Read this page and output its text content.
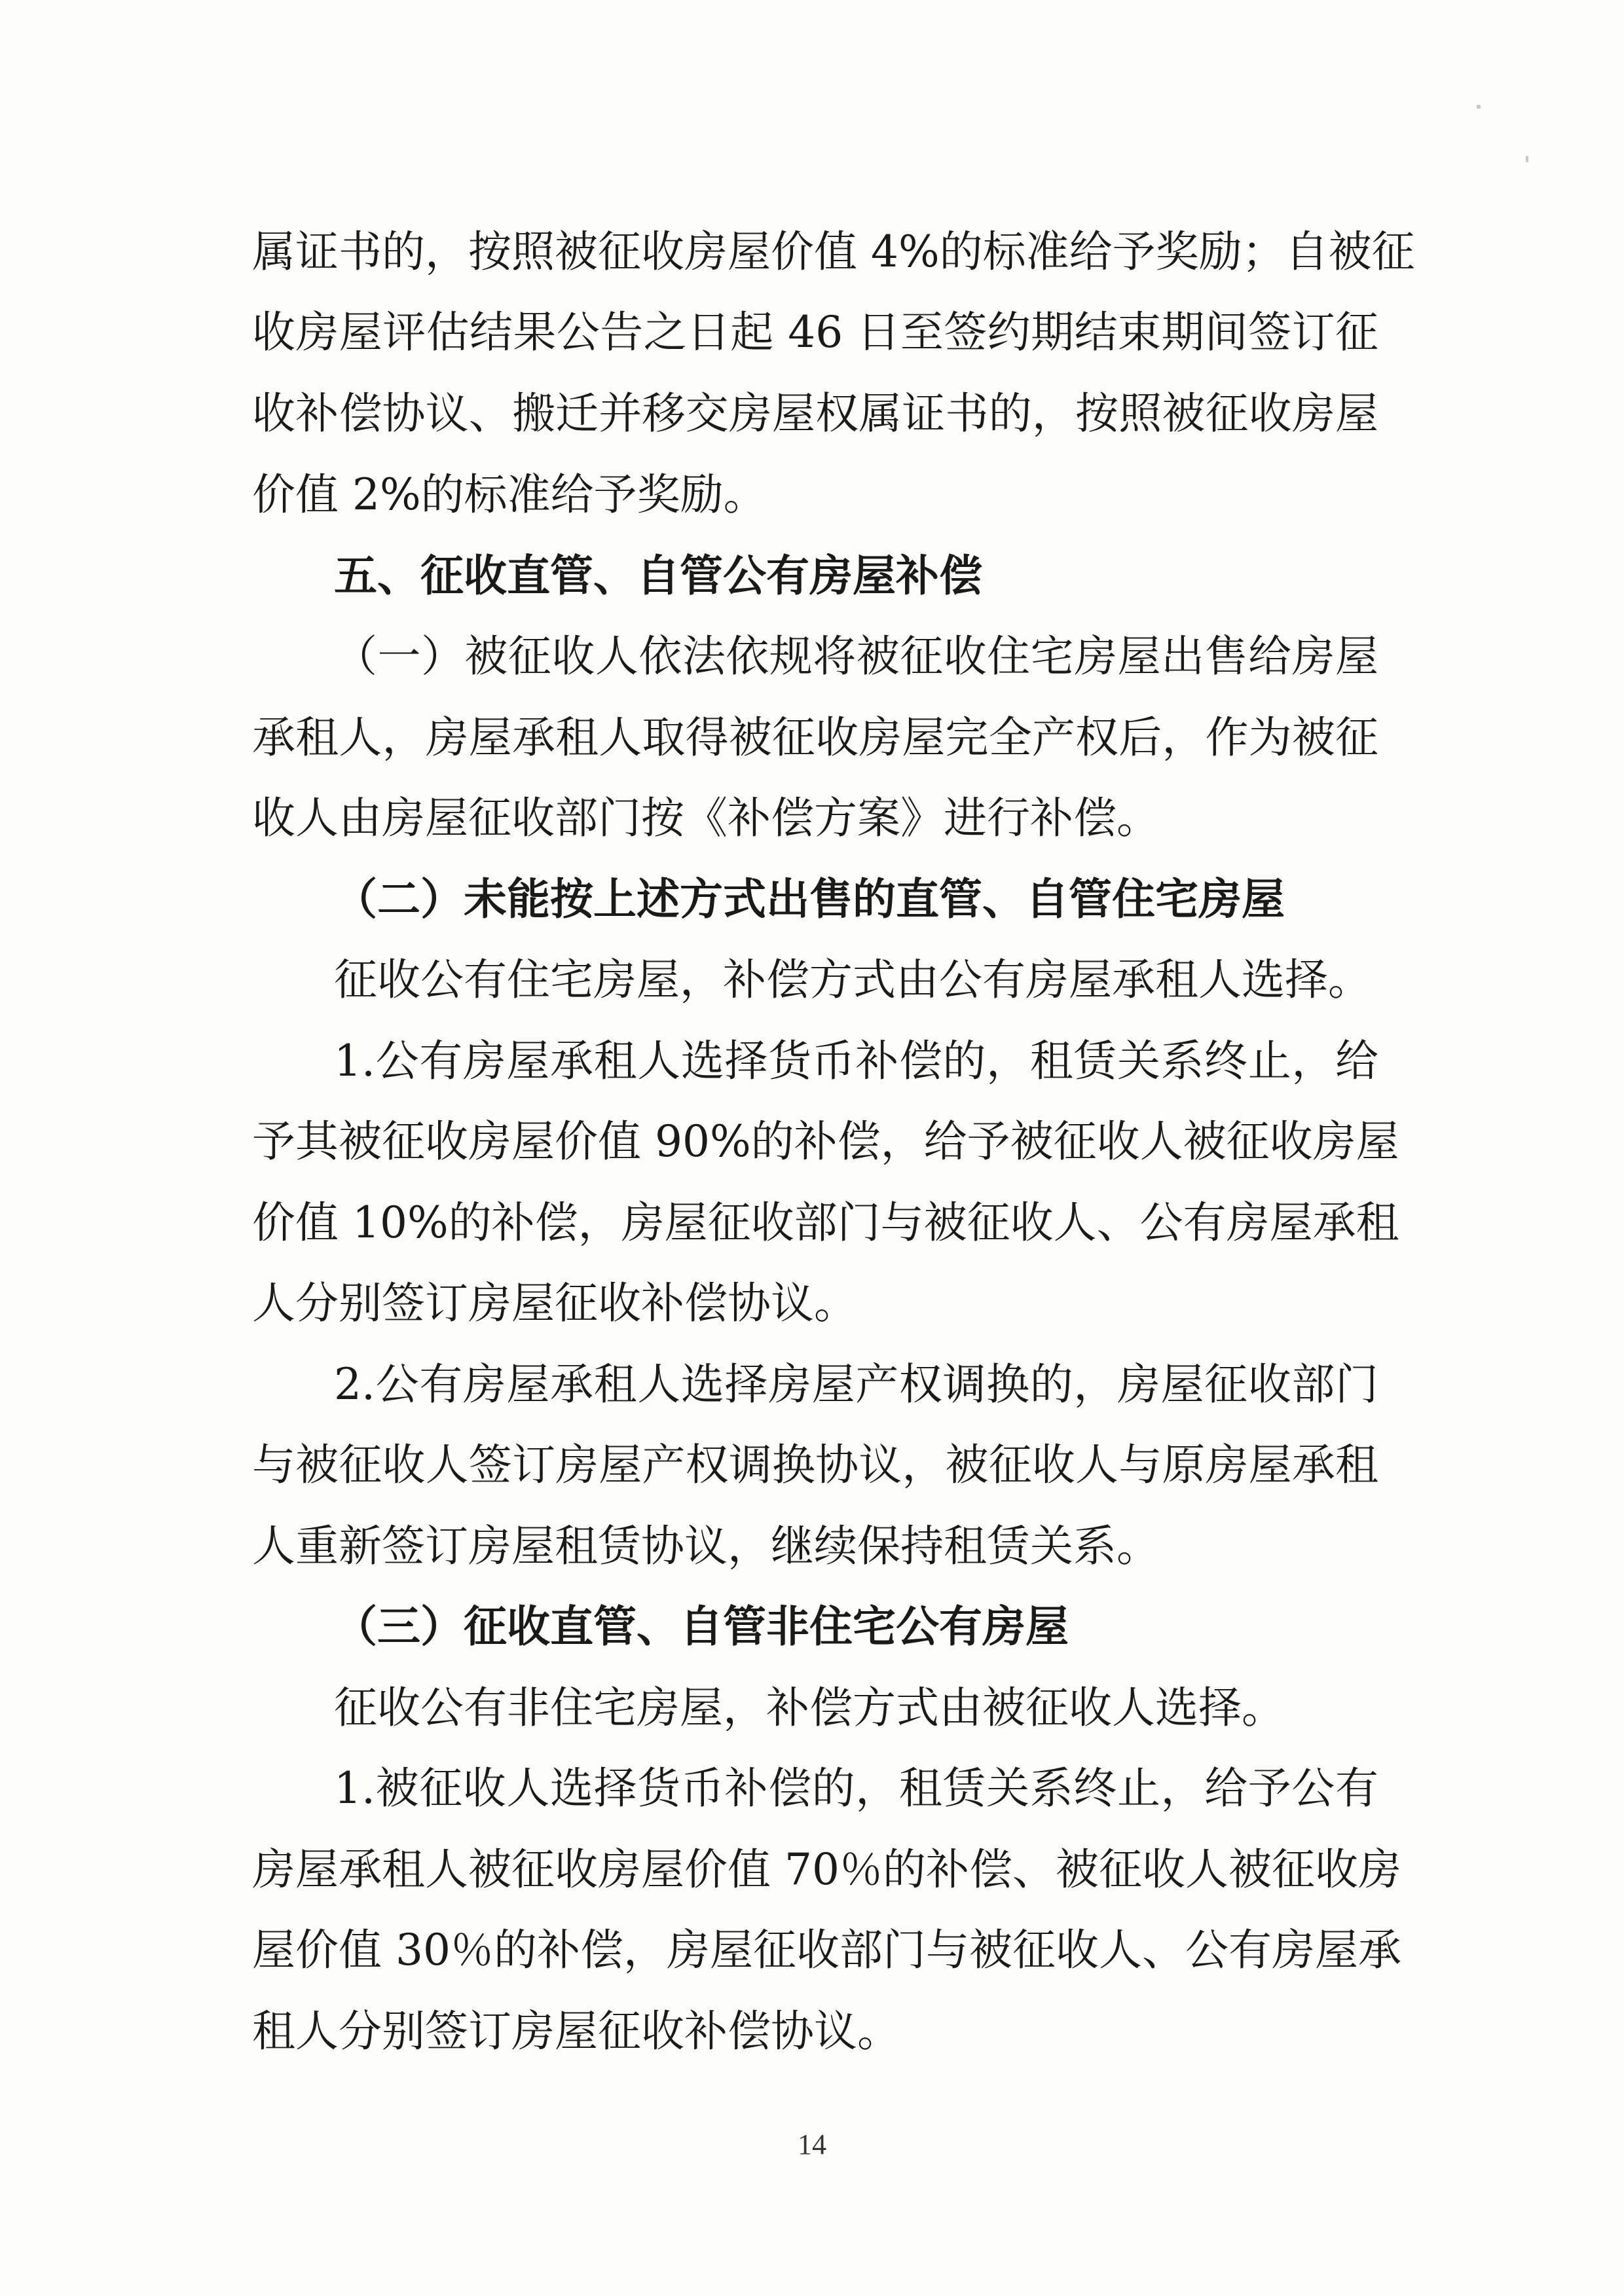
属证书的，按照被征收房屋价值 4%的标准给予奖励；自被征
收房屋评估结果公告之日起 46 日至签约期结束期间签订征
收补偿协议、搬迁并移交房屋权属证书的，按照被征收房屋
价值 2%的标准给予奖励。
五、征收直管、自管公有房屋补偿
（一）被征收人依法依规将被征收住宅房屋出售给房屋
承租人，房屋承租人取得被征收房屋完全产权后，作为被征
收人由房屋征收部门按《补偿方案》进行补偿。
（二）未能按上述方式出售的直管、自管住宅房屋
征收公有住宅房屋，补偿方式由公有房屋承租人选择。
1.公有房屋承租人选择货币补偿的，租赁关系终止，给
予其被征收房屋价值 90%的补偿，给予被征收人被征收房屋
价值 10%的补偿，房屋征收部门与被征收人、公有房屋承租
人分别签订房屋征收补偿协议。
2.公有房屋承租人选择房屋产权调换的，房屋征收部门
与被征收人签订房屋产权调换协议，被征收人与原房屋承租
人重新签订房屋租赁协议，继续保持租赁关系。
（三）征收直管、自管非住宅公有房屋
征收公有非住宅房屋，补偿方式由被征收人选择。
1.被征收人选择货币补偿的，租赁关系终止，给予公有
房屋承租人被征收房屋价值 70％的补偿、被征收人被征收房
屋价值 30％的补偿，房屋征收部门与被征收人、公有房屋承
租人分别签订房屋征收补偿协议。
14
